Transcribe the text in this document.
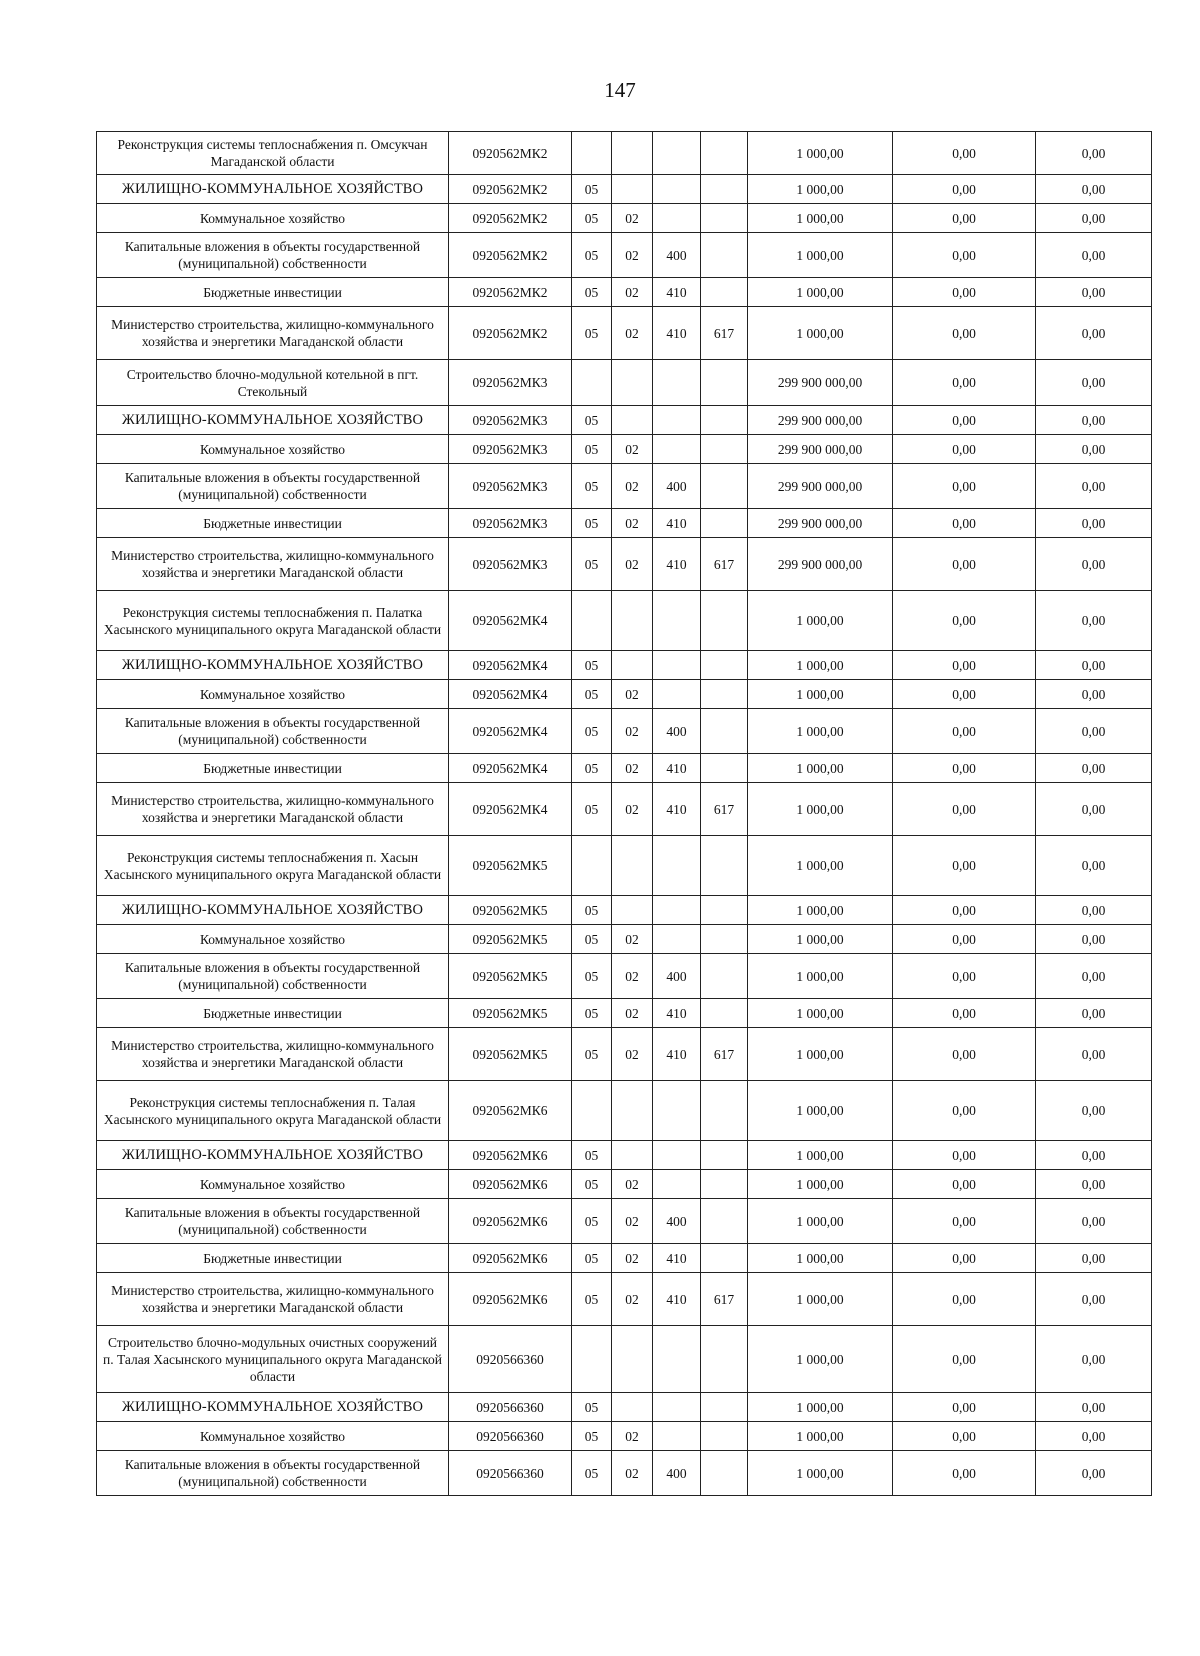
147
Реконструкция системы теплоснабжения п. Омсукчан Магаданской области	0920562МК2					1 000,00	0,00	0,00
ЖИЛИЩНО-КОММУНАЛЬНОЕ ХОЗЯЙСТВО	0920562МК2	05				1 000,00	0,00	0,00
Коммунальное хозяйство	0920562МК2	05	02			1 000,00	0,00	0,00
Капитальные вложения в объекты государственной (муниципальной) собственности	0920562МК2	05	02	400		1 000,00	0,00	0,00
Бюджетные инвестиции	0920562МК2	05	02	410		1 000,00	0,00	0,00
Министерство строительства, жилищно-коммунального хозяйства и энергетики Магаданской области	0920562МК2	05	02	410	617	1 000,00	0,00	0,00
Строительство блочно-модульной котельной в пгт. Стекольный	0920562МК3					299 900 000,00	0,00	0,00
ЖИЛИЩНО-КОММУНАЛЬНОЕ ХОЗЯЙСТВО	0920562МК3	05				299 900 000,00	0,00	0,00
Коммунальное хозяйство	0920562МК3	05	02			299 900 000,00	0,00	0,00
Капитальные вложения в объекты государственной (муниципальной) собственности	0920562МК3	05	02	400		299 900 000,00	0,00	0,00
Бюджетные инвестиции	0920562МК3	05	02	410		299 900 000,00	0,00	0,00
Министерство строительства, жилищно-коммунального хозяйства и энергетики Магаданской области	0920562МК3	05	02	410	617	299 900 000,00	0,00	0,00
Реконструкция системы теплоснабжения п. Палатка Хасынского муниципального округа Магаданской области	0920562МК4					1 000,00	0,00	0,00
ЖИЛИЩНО-КОММУНАЛЬНОЕ ХОЗЯЙСТВО	0920562МК4	05				1 000,00	0,00	0,00
Коммунальное хозяйство	0920562МК4	05	02			1 000,00	0,00	0,00
Капитальные вложения в объекты государственной (муниципальной) собственности	0920562МК4	05	02	400		1 000,00	0,00	0,00
Бюджетные инвестиции	0920562МК4	05	02	410		1 000,00	0,00	0,00
Министерство строительства, жилищно-коммунального хозяйства и энергетики Магаданской области	0920562МК4	05	02	410	617	1 000,00	0,00	0,00
Реконструкция системы теплоснабжения п. Хасын Хасынского муниципального округа Магаданской области	0920562МК5					1 000,00	0,00	0,00
ЖИЛИЩНО-КОММУНАЛЬНОЕ ХОЗЯЙСТВО	0920562МК5	05				1 000,00	0,00	0,00
Коммунальное хозяйство	0920562МК5	05	02			1 000,00	0,00	0,00
Капитальные вложения в объекты государственной (муниципальной) собственности	0920562МК5	05	02	400		1 000,00	0,00	0,00
Бюджетные инвестиции	0920562МК5	05	02	410		1 000,00	0,00	0,00
Министерство строительства, жилищно-коммунального хозяйства и энергетики Магаданской области	0920562МК5	05	02	410	617	1 000,00	0,00	0,00
Реконструкция системы теплоснабжения п. Талая Хасынского муниципального округа Магаданской области	0920562МК6					1 000,00	0,00	0,00
ЖИЛИЩНО-КОММУНАЛЬНОЕ ХОЗЯЙСТВО	0920562МК6	05				1 000,00	0,00	0,00
Коммунальное хозяйство	0920562МК6	05	02			1 000,00	0,00	0,00
Капитальные вложения в объекты государственной (муниципальной) собственности	0920562МК6	05	02	400		1 000,00	0,00	0,00
Бюджетные инвестиции	0920562МК6	05	02	410		1 000,00	0,00	0,00
Министерство строительства, жилищно-коммунального хозяйства и энергетики Магаданской области	0920562МК6	05	02	410	617	1 000,00	0,00	0,00
Строительство блочно-модульных очистных сооружений п. Талая Хасынского муниципального округа Магаданской области	0920566360					1 000,00	0,00	0,00
ЖИЛИЩНО-КОММУНАЛЬНОЕ ХОЗЯЙСТВО	0920566360	05				1 000,00	0,00	0,00
Коммунальное хозяйство	0920566360	05	02			1 000,00	0,00	0,00
Капитальные вложения в объекты государственной (муниципальной) собственности	0920566360	05	02	400		1 000,00	0,00	0,00
